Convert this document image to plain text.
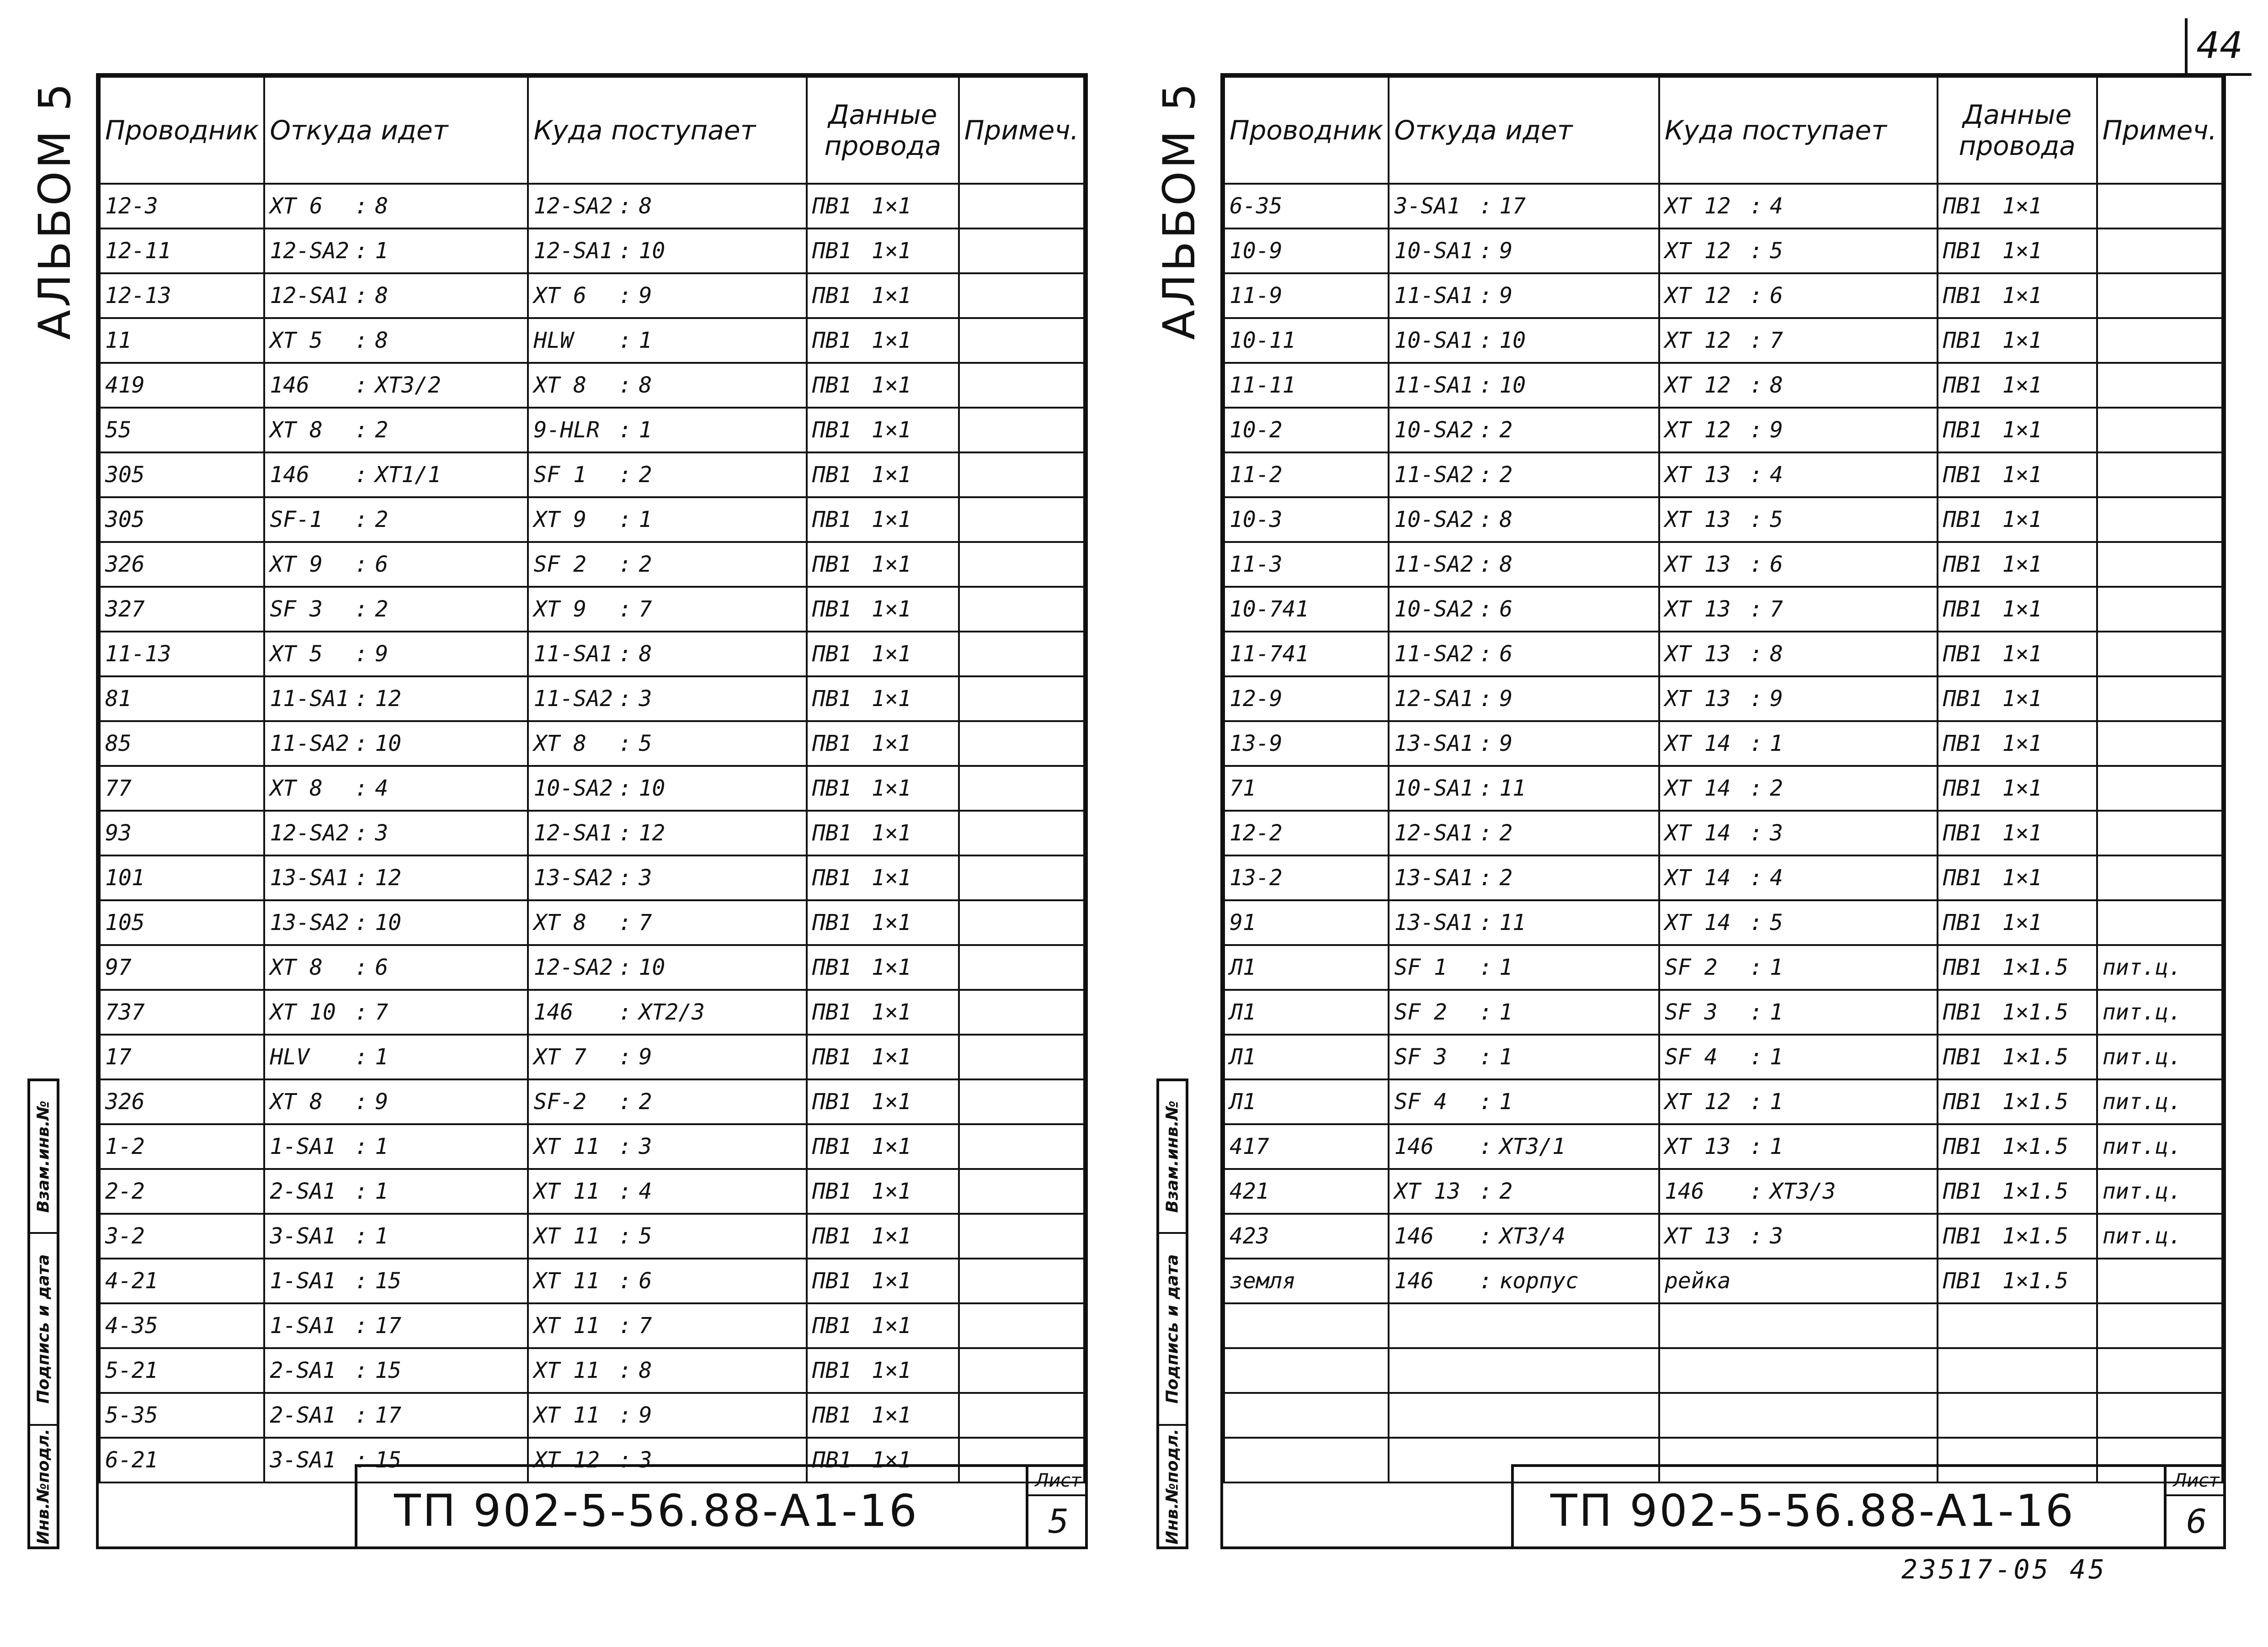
44
АЛЬБОМ 5	АЛЬБОМ 5
Взам.инв.№
Подпись и дата
Инв.№подл.
Взам.инв.№
Подпись и дата
Инв.№подл.
Проводник	Откуда идет	Куда поступает	Данные провода	Примеч.
12-3	ХТ 6 : 8	12-SA2 : 8	ПВ1 1×1	
12-11	12-SA2 : 1	12-SA1 : 10	ПВ1 1×1	
12-13	12-SA1 : 8	ХТ 6 : 9	ПВ1 1×1	
11	ХТ 5 : 8	НLW : 1	ПВ1 1×1	
419	146 : ХТ3/2	ХТ 8 : 8	ПВ1 1×1	
55	ХТ 8 : 2	9-НLR : 1	ПВ1 1×1	
305	146 : ХТ1/1	SF 1 : 2	ПВ1 1×1	
305	SF-1 : 2	ХТ 9 : 1	ПВ1 1×1	
326	ХТ 9 : 6	SF 2 : 2	ПВ1 1×1	
327	SF 3 : 2	ХТ 9 : 7	ПВ1 1×1	
11-13	ХТ 5 : 9	11-SA1 : 8	ПВ1 1×1	
81	11-SA1 : 12	11-SA2 : 3	ПВ1 1×1	
85	11-SA2 : 10	ХТ 8 : 5	ПВ1 1×1	
77	ХТ 8 : 4	10-SA2 : 10	ПВ1 1×1	
93	12-SA2 : 3	12-SA1 : 12	ПВ1 1×1	
101	13-SA1 : 12	13-SA2 : 3	ПВ1 1×1	
105	13-SA2 : 10	ХТ 8 : 7	ПВ1 1×1	
97	ХТ 8 : 6	12-SA2 : 10	ПВ1 1×1	
737	ХТ 10 : 7	146 : ХТ2/3	ПВ1 1×1	
17	НLV : 1	ХТ 7 : 9	ПВ1 1×1	
326	ХТ 8 : 9	SF-2 : 2	ПВ1 1×1	
1-2	1-SA1 : 1	ХТ 11 : 3	ПВ1 1×1	
2-2	2-SA1 : 1	ХТ 11 : 4	ПВ1 1×1	
3-2	3-SA1 : 1	ХТ 11 : 5	ПВ1 1×1	
4-21	1-SA1 : 15	ХТ 11 : 6	ПВ1 1×1	
4-35	1-SA1 : 17	ХТ 11 : 7	ПВ1 1×1	
5-21	2-SA1 : 15	ХТ 11 : 8	ПВ1 1×1	
5-35	2-SA1 : 17	ХТ 11 : 9	ПВ1 1×1	
6-21	3-SA1 : 15	ХТ 12 : 3	ПВ1 1×1	
ТП 902-5-56.88-А1-16
Лист
5
Проводник	Откуда идет	Куда поступает	Данные провода	Примеч.
6-35	3-SA1 : 17	ХТ 12 : 4	ПВ1 1×1	
10-9	10-SA1 : 9	ХТ 12 : 5	ПВ1 1×1	
11-9	11-SA1 : 9	ХТ 12 : 6	ПВ1 1×1	
10-11	10-SA1 : 10	ХТ 12 : 7	ПВ1 1×1	
11-11	11-SA1 : 10	ХТ 12 : 8	ПВ1 1×1	
10-2	10-SA2 : 2	ХТ 12 : 9	ПВ1 1×1	
11-2	11-SA2 : 2	ХТ 13 : 4	ПВ1 1×1	
10-3	10-SA2 : 8	ХТ 13 : 5	ПВ1 1×1	
11-3	11-SA2 : 8	ХТ 13 : 6	ПВ1 1×1	
10-741	10-SA2 : 6	ХТ 13 : 7	ПВ1 1×1	
11-741	11-SA2 : 6	ХТ 13 : 8	ПВ1 1×1	
12-9	12-SA1 : 9	ХТ 13 : 9	ПВ1 1×1	
13-9	13-SA1 : 9	ХТ 14 : 1	ПВ1 1×1	
71	10-SA1 : 11	ХТ 14 : 2	ПВ1 1×1	
12-2	12-SA1 : 2	ХТ 14 : 3	ПВ1 1×1	
13-2	13-SA1 : 2	ХТ 14 : 4	ПВ1 1×1	
91	13-SA1 : 11	ХТ 14 : 5	ПВ1 1×1	
Л1	SF 1 : 1	SF 2 : 1	ПВ1 1×1.5	пит.ц.
Л1	SF 2 : 1	SF 3 : 1	ПВ1 1×1.5	пит.ц.
Л1	SF 3 : 1	SF 4 : 1	ПВ1 1×1.5	пит.ц.
Л1	SF 4 : 1	ХТ 12 : 1	ПВ1 1×1.5	пит.ц.
417	146 : ХТ3/1	ХТ 13 : 1	ПВ1 1×1.5	пит.ц.
421	ХТ 13 : 2	146 : ХТ3/3	ПВ1 1×1.5	пит.ц.
423	146 : ХТ3/4	ХТ 13 : 3	ПВ1 1×1.5	пит.ц.
земля	146 : корпус	рейка	ПВ1 1×1.5	

ТП 902-5-56.88-А1-16
Лист
6
23517-05 45
